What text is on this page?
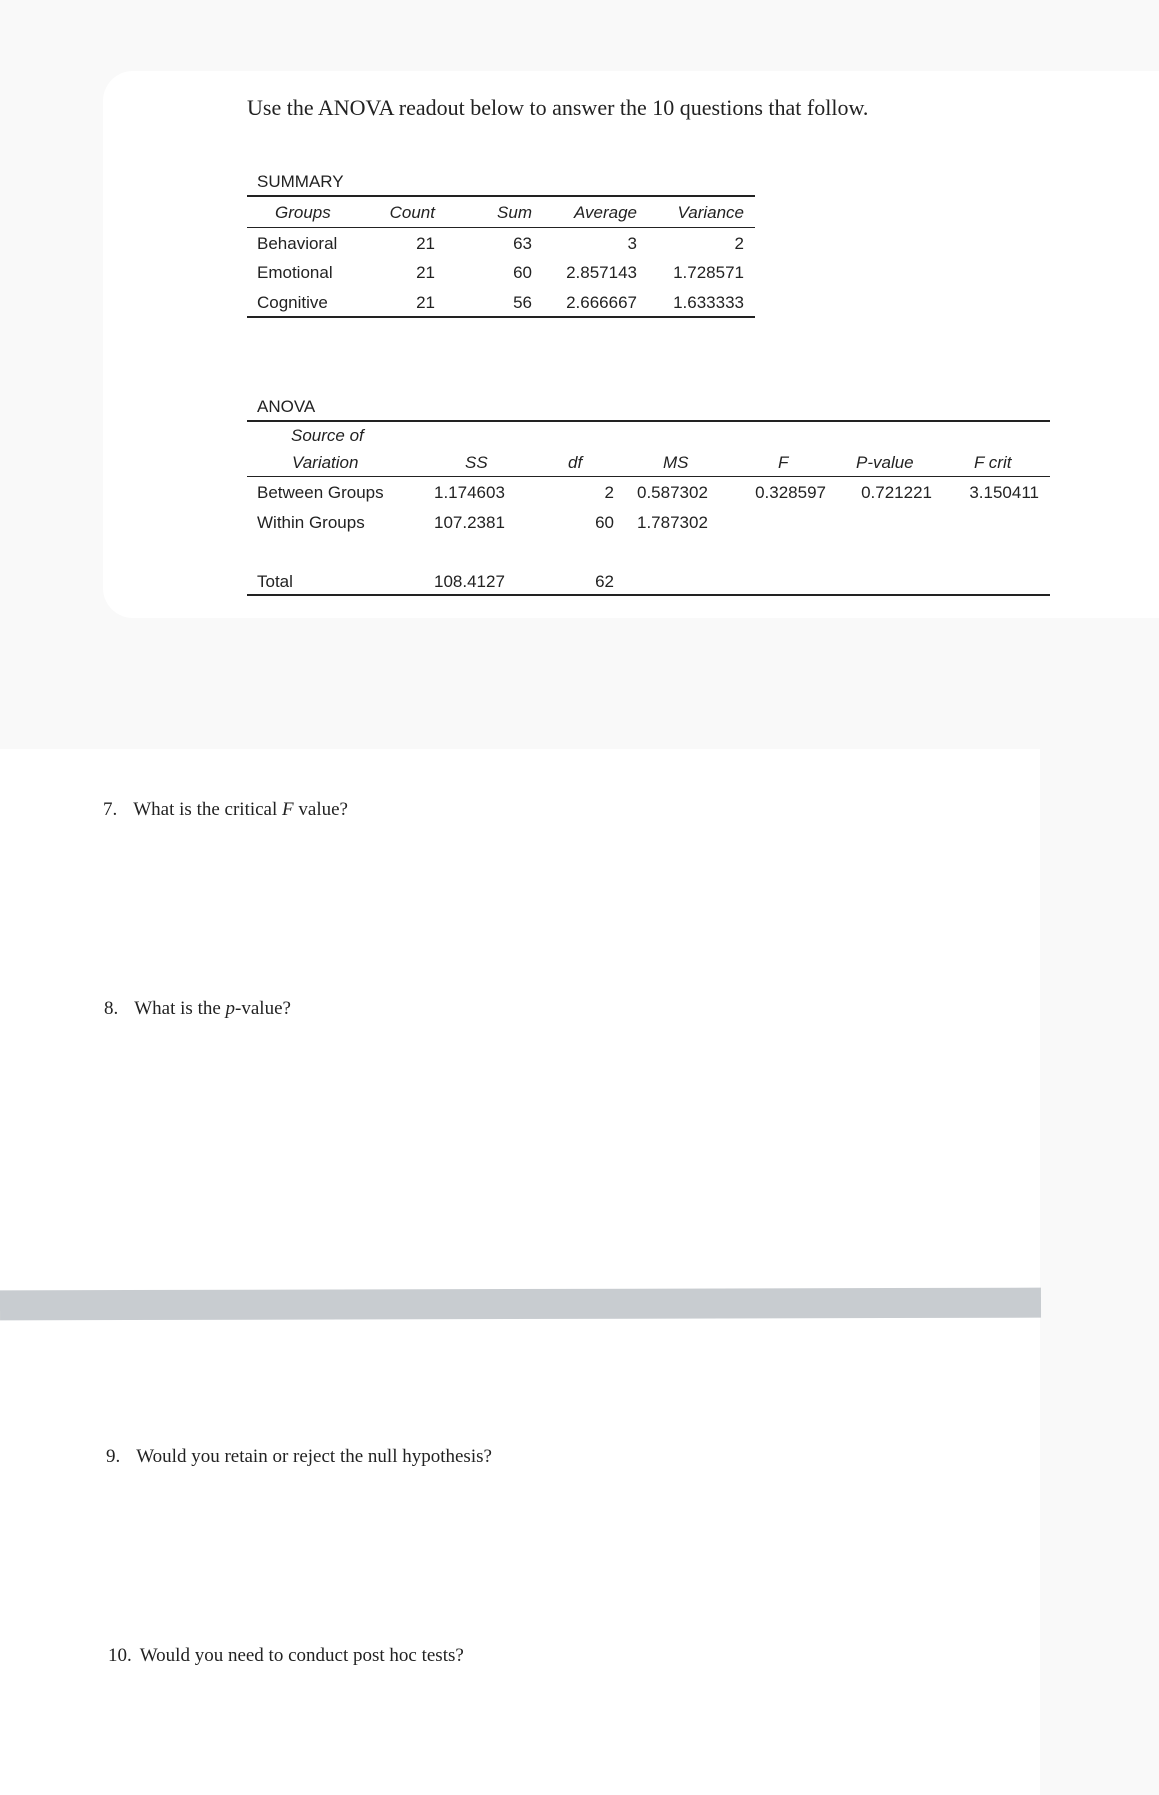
Use the ANOVA readout below to answer the 10 questions that follow.
SUMMARY
Groups	Count	Sum	Average	Variance
Behavioral	21	63	3	2
Emotional	21	60	2.857143	1.728571
Cognitive	21	56	2.666667	1.633333
ANOVA
Source of
Variation	SS	df	MS	F	P-value	F crit
Between Groups	1.174603	2 0.587302	0.328597	0.721221	3.150411
Within Groups	107.2381	60 1.787302
Total	108.4127	62
7. What is the critical F value?
8. What is the p-value?
9. Would you retain or reject the null hypothesis?
10. Would you need to conduct post hoc tests?
